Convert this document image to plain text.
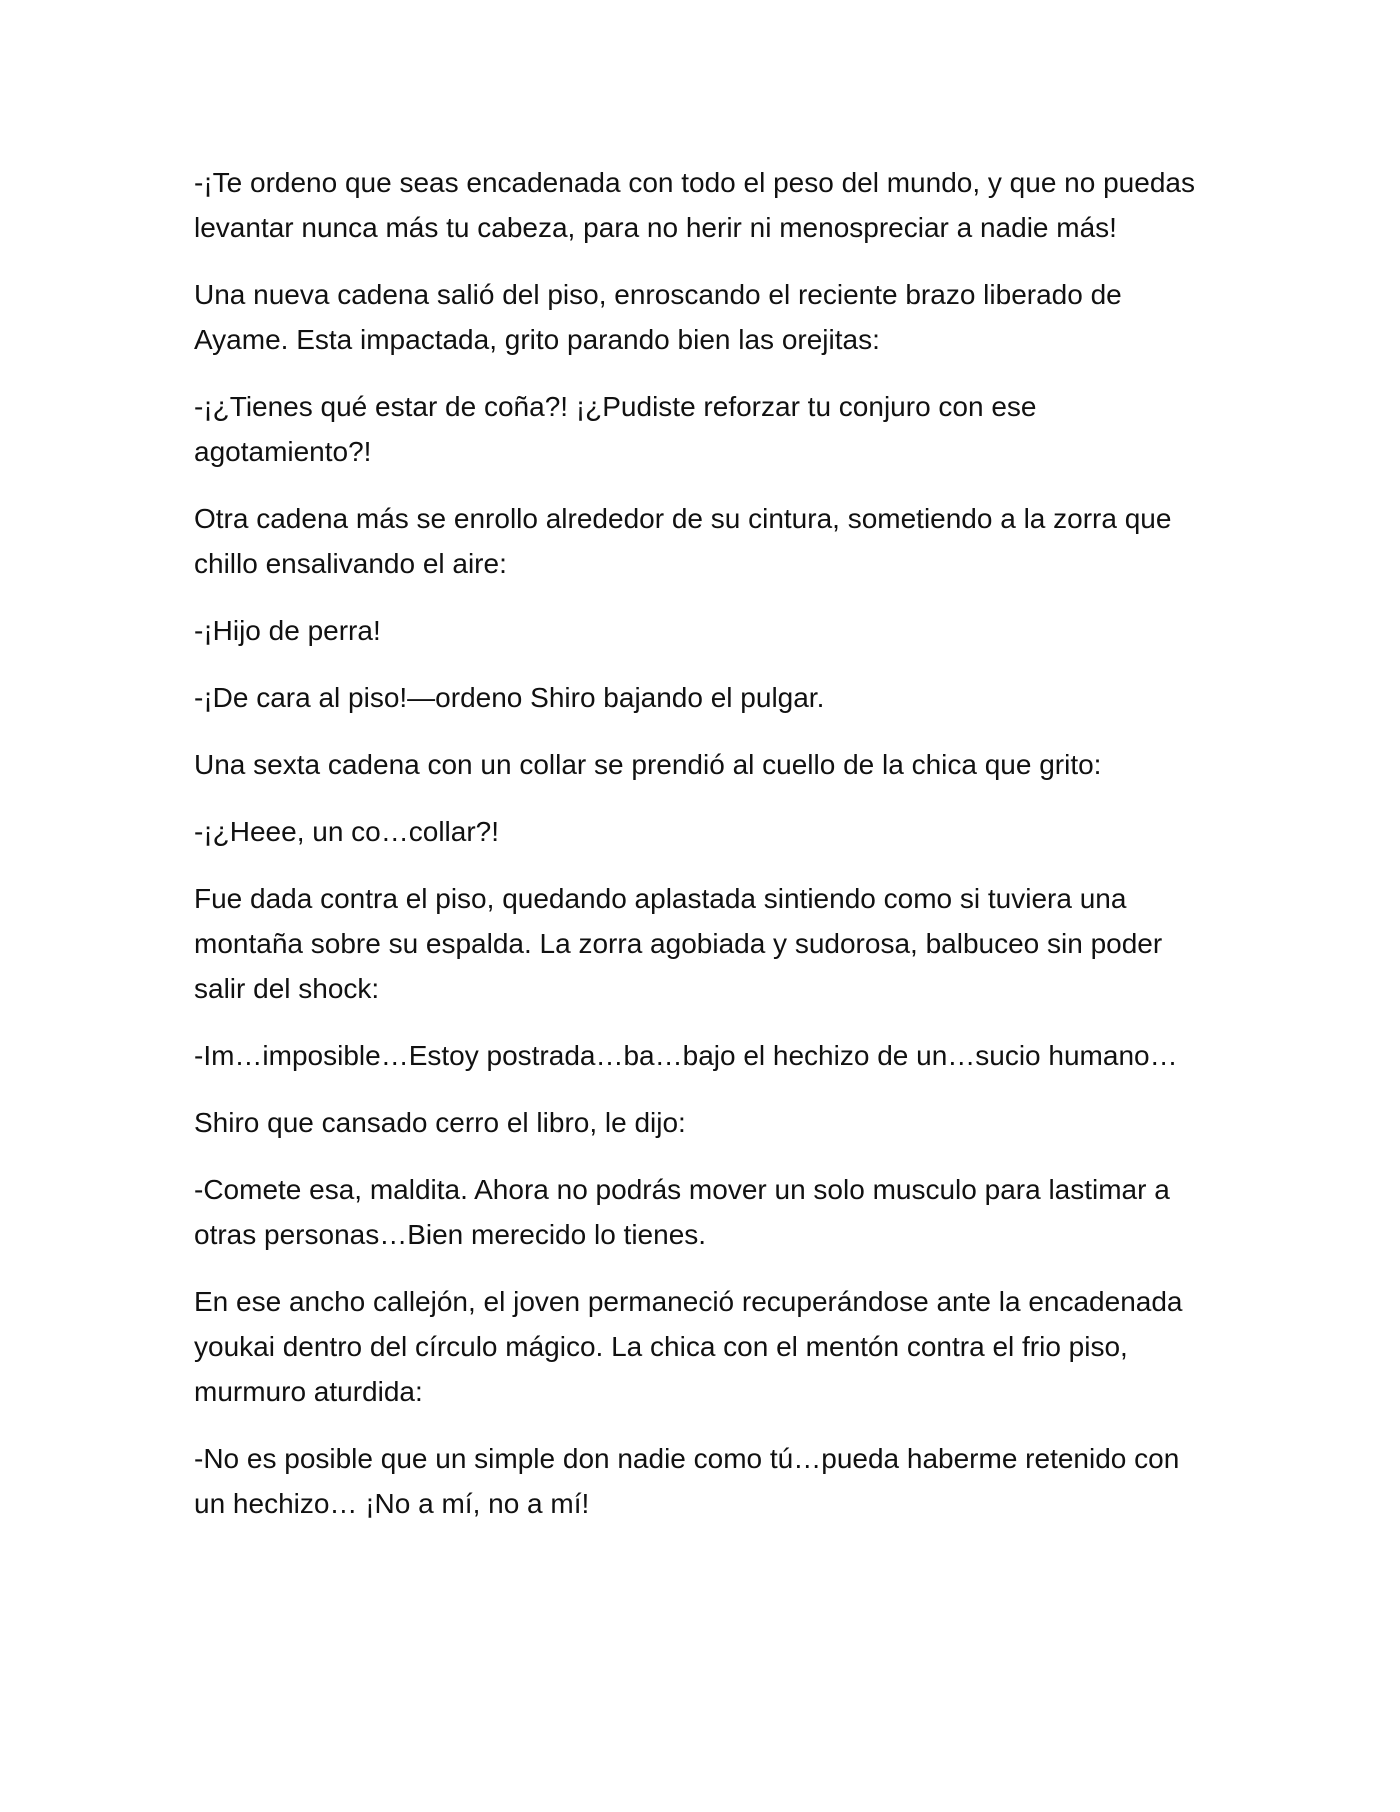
-¡Te ordeno que seas encadenada con todo el peso del mundo, y que no puedas levantar nunca más tu cabeza, para no herir ni menospreciar a nadie más!

Una nueva cadena salió del piso, enroscando el reciente brazo liberado de Ayame. Esta impactada, grito parando bien las orejitas:

-¡¿Tienes qué estar de coña?! ¡¿Pudiste reforzar tu conjuro con ese agotamiento?!

Otra cadena más se enrollo alrededor de su cintura, sometiendo a la zorra que chillo ensalivando el aire:

-¡Hijo de perra!

-¡De cara al piso!—ordeno Shiro bajando el pulgar.

Una sexta cadena con un collar se prendió al cuello de la chica que grito:

-¡¿Heee, un co…collar?!

Fue dada contra el piso, quedando aplastada sintiendo como si tuviera una montaña sobre su espalda. La zorra agobiada y sudorosa, balbuceo sin poder salir del shock:

-Im…imposible…Estoy postrada…ba…bajo el hechizo de un…sucio humano…

Shiro que cansado cerro el libro, le dijo:

-Comete esa, maldita. Ahora no podrás mover un solo musculo para lastimar a otras personas…Bien merecido lo tienes.

En ese ancho callejón, el joven permaneció recuperándose ante la encadenada youkai dentro del círculo mágico. La chica con el mentón contra el frio piso, murmuro aturdida:

-No es posible que un simple don nadie como tú…pueda haberme retenido con un hechizo… ¡No a mí, no a mí!
